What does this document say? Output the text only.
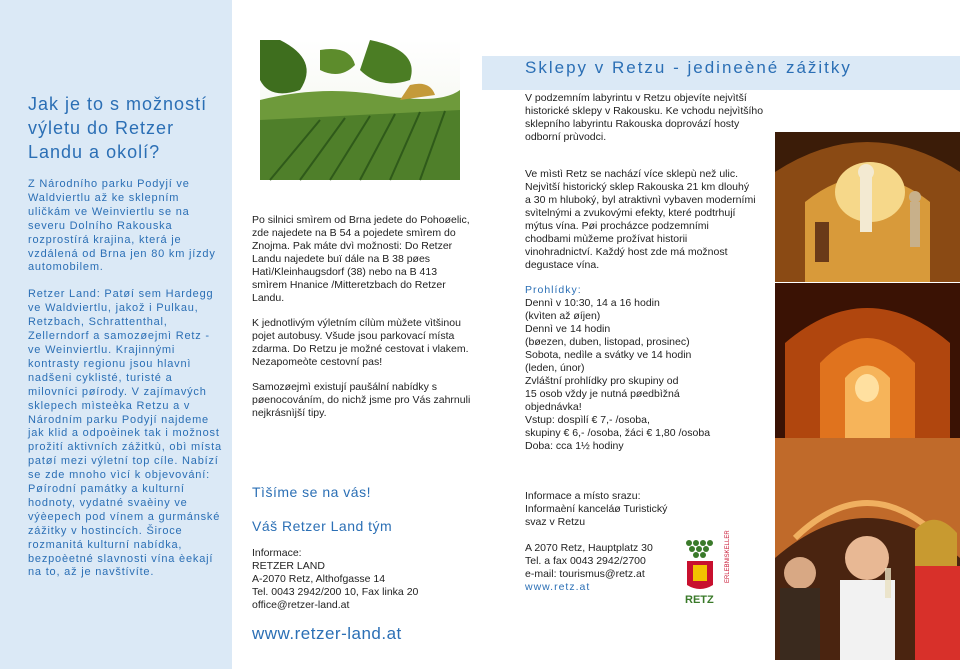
Jak je to s možností výletu do Retzer Landu a okolí?

Z Národního parku Podyjí ve Waldviertlu až ke sklepním uličkám ve Weinviertlu se na severu Dolního Rakouska rozprostírá krajina, která je vzdálená od Brna jen 80 km jízdy automobilem.

Retzer Land: Patøí sem Hardegg ve Waldviertlu, jakož i Pulkau, Retzbach, Schrattenthal, Zellerndorf a samozøejmì Retz - ve Weinviertlu. Krajinnými kontrasty regionu jsou hlavnì nadšeni cyklisté, turisté a milovníci pøírody. V zajímavých sklepech mìsteèka Retzu a v Národním parku Podyjí najdeme jak klid a odpoèinek tak i možnost prožití aktivních zážitkù, obì místa patøí mezi výletní top cíle. Nabízí se zde mnoho vìcí k objevování: Pøírodní památky a kulturní hodnoty, vydatné svaèiny ve výèepech pod vínem a gurmánské zážitky v hostincích. Široce rozmanitá kulturní nabídka, bezpoèetné slavnosti vína èekají na to, až je navštívíte.

Po silnici smìrem od Brna jedete do Pohoøelic, zde najedete na B 54 a pojedete smìrem do Znojma. Pak máte dvì možnosti: Do Retzer Landu najedete buï dále na B 38 pøes Hatì/Kleinhaugsdorf (38) nebo na B 413 smìrem Hnanice /Mitteretzbach do Retzer Landu.

K jednotlivým výletním cílùm mùžete vìtšinou pojet autobusy. Všude jsou parkovací místa zdarma. Do Retzu je možné cestovat i vlakem. Nezapomeòte cestovní pas!

Samozøejmì existují paušální nabídky s pøenocováním, do nichž jsme pro Vás zahrnuli nejkrásnìjší tipy.

Tìšíme se na vás!
Váš Retzer Land tým
Informace:
RETZER LAND
A-2070 Retz, Althofgasse 14
Tel. 0043 2942/200 10, Fax linka 20
office@retzer-land.at
www.retzer-land.at
Sklepy v Retzu - jedineèné zážitky
V podzemním labyrintu v Retzu objevíte nejvìtší historické sklepy v Rakousku. Ke vchodu nejvìtšího sklepního labyrintu Rakouska doprovází hosty odborní prùvodci.

Ve mìstì Retz se nachází více sklepù než ulic. Nejvìtší historický sklep Rakouska 21 km dlouhý a 30 m hluboký, byl atraktivnì vybaven moderními svìtelnými a zvukovými efekty, které podtrhují mýtus vína. Pøi procházce podzemními chodbami mùžeme prožívat historii vinohradnictví. Každý host zde má možnost degustace vína.

Prohlídky:
Dennì v 10:30, 14 a 16 hodin
(kvìten až øíjen)
Dennì ve 14 hodin
(bøezen, duben, listopad, prosinec)
Sobota, nedìle a svátky ve 14 hodin
(leden, únor)
Zvláštní prohlídky pro skupiny od
15 osob vždy je nutná pøedbìžná
objednávka!
Vstup: dospìlí € 7,- /osoba,
skupiny € 6,- /osoba, žáci € 1,80 /osoba
Doba: cca 1½ hodiny
Informace a místo srazu:
Informaèní kanceláø Turistický svaz v Retzu
A 2070 Retz, Hauptplatz 30
Tel. a fax 0043 2942/2700
e-mail: tourismus@retz.at
www.retz.at
ERLEBNISKELLER
RETZ
